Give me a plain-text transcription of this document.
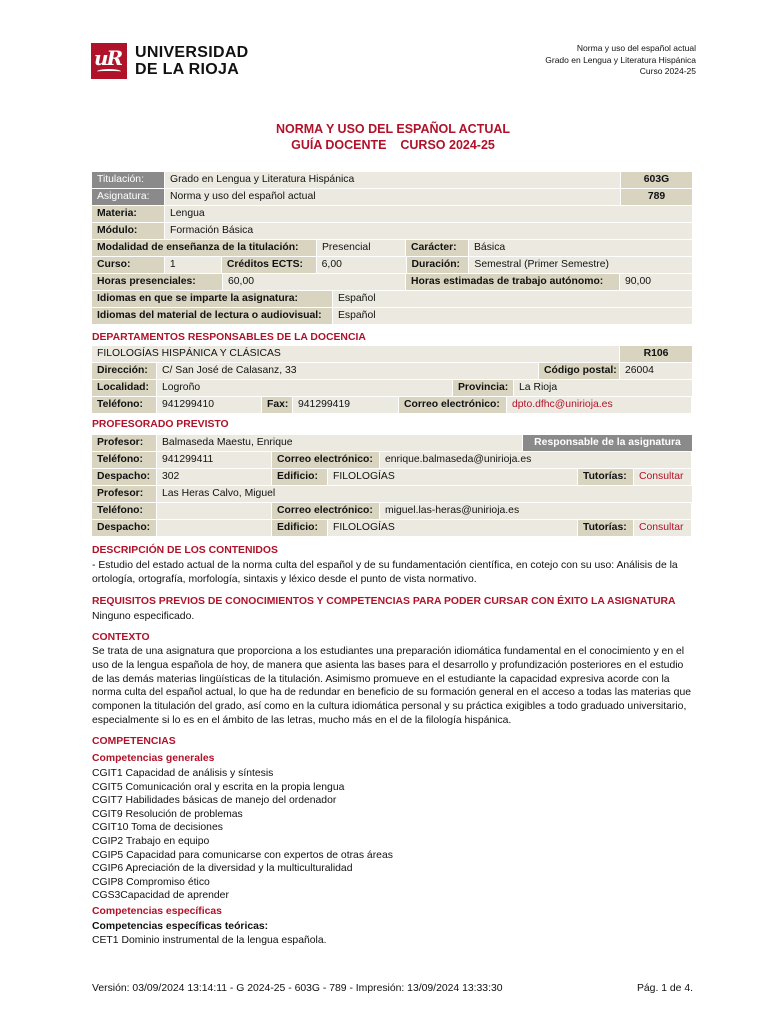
uR UNIVERSIDAD
DE LA RIOJA
Norma y uso del español actual
Grado en Lengua y Literatura Hispánica
Curso 2024-25
NORMA Y USO DEL ESPAÑOL ACTUAL
GUÍA DOCENTE    CURSO 2024-25
Titulación:	Grado en Lengua y Literatura Hispánica	603G
Asignatura:	Norma y uso del español actual	789
Materia:	Lengua
Módulo:	Formación Básica
Modalidad de enseñanza de la titulación:	Presencial	Carácter:	Básica
Curso:	1	Créditos ECTS:	6,00	Duración:	Semestral (Primer Semestre)
Horas presenciales:	60,00	Horas estimadas de trabajo autónomo:	90,00
Idiomas en que se imparte la asignatura:	Español
Idiomas del material de lectura o audiovisual:	Español
DEPARTAMENTOS RESPONSABLES DE LA DOCENCIA
FILOLOGÍAS HISPÁNICA Y CLÁSICAS	R106
Dirección:	C/ San José de Calasanz, 33	Código postal: 26004
Localidad:	Logroño	Provincia:	La Rioja
Teléfono:	941299410	Fax: 941299419	Correo electrónico:	dpto.dfhc@unirioja.es
PROFESORADO PREVISTO
Profesor:	Balmaseda Maestu, Enrique	Responsable de la asignatura
Teléfono:	941299411	Correo electrónico:	enrique.balmaseda@unirioja.es
Despacho:	302	Edificio:	FILOLOGÍAS	Tutorías:	Consultar
Profesor:	Las Heras Calvo, Miguel
Teléfono:	Correo electrónico:	miguel.las-heras@unirioja.es
Despacho:	Edificio:	FILOLOGÍAS	Tutorías:	Consultar
DESCRIPCIÓN DE LOS CONTENIDOS
- Estudio del estado actual de la norma culta del español y de su fundamentación científica, en cotejo con su uso: Análisis de la ortología, ortografía, morfología, sintaxis y léxico desde el punto de vista normativo.
REQUISITOS PREVIOS DE CONOCIMIENTOS Y COMPETENCIAS PARA PODER CURSAR CON ÉXITO LA ASIGNATURA
Ninguno especificado.
CONTEXTO
Se trata de una asignatura que proporciona a los estudiantes una preparación idiomática fundamental en el conocimiento y en el uso de la lengua española de hoy, de manera que asienta las bases para el desarrollo y profundización posteriores en el estudio de las demás materias lingüísticas de la titulación. Asimismo promueve en el estudiante la capacidad expresiva acorde con la norma culta del español actual, lo que ha de redundar en beneficio de su formación general en el acceso a todas las materias que componen la titulación del grado, así como en la cultura idiomática personal y su práctica exigibles a todo graduado universitario, especialmente si lo es en el ámbito de las letras, mucho más en el de la filología hispánica.
COMPETENCIAS
Competencias generales
CGIT1 Capacidad de análisis y síntesis
CGIT5 Comunicación oral y escrita en la propia lengua
CGIT7 Habilidades básicas de manejo del ordenador
CGIT9 Resolución de problemas
CGIT10 Toma de decisiones
CGIP2 Trabajo en equipo
CGIP5 Capacidad para comunicarse con expertos de otras áreas
CGIP6 Apreciación de la diversidad y la multiculturalidad
CGIP8 Compromiso ético
CGS3Capacidad de aprender
Competencias específicas
Competencias específicas teóricas:
CET1 Dominio instrumental de la lengua española.
Versión: 03/09/2024 13:14:11 - G 2024-25 - 603G - 789 - Impresión: 13/09/2024 13:33:30	Pág. 1 de 4.
